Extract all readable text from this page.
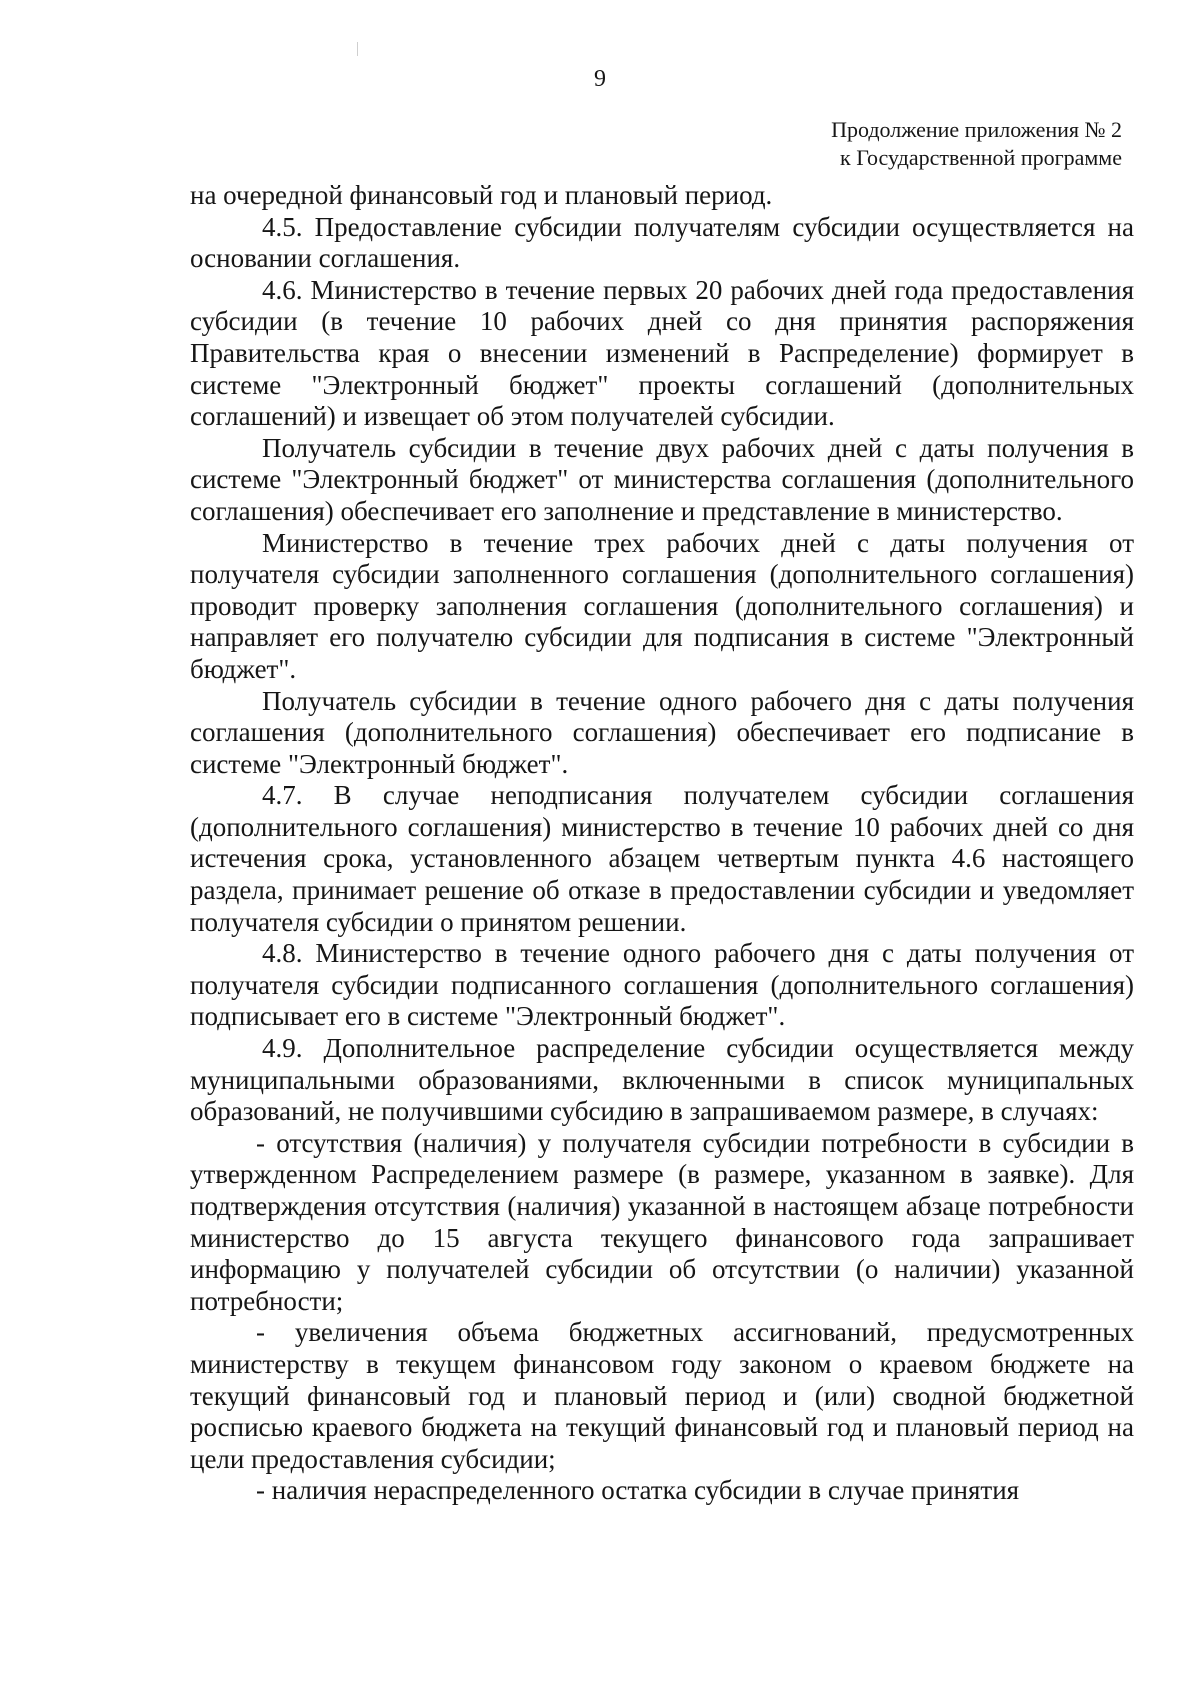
9
Продолжение приложения № 2
к Государственной программе

на очередной финансовый год и плановый период.

4.5. Предоставление субсидии получателям субсидии осуществляется на основании соглашения.

4.6. Министерство в течение первых 20 рабочих дней года предоставления субсидии (в течение 10 рабочих дней со дня принятия распоряжения Правительства края о внесении изменений в Распределение) формирует в системе "Электронный бюджет" проекты соглашений (дополнительных соглашений) и извещает об этом получателей субсидии.

Получатель субсидии в течение двух рабочих дней с даты получения в системе "Электронный бюджет" от министерства соглашения (дополнительного соглашения) обеспечивает его заполнение и представление в министерство.

Министерство в течение трех рабочих дней с даты получения от получателя субсидии заполненного соглашения (дополнительного соглашения) проводит проверку заполнения соглашения (дополнительного соглашения) и направляет его получателю субсидии для подписания в системе "Электронный бюджет".

Получатель субсидии в течение одного рабочего дня с даты получения соглашения (дополнительного соглашения) обеспечивает его подписание в системе "Электронный бюджет".

4.7. В случае неподписания получателем субсидии соглашения (дополнительного соглашения) министерство в течение 10 рабочих дней со дня истечения срока, установленного абзацем четвертым пункта 4.6 настоящего раздела, принимает решение об отказе в предоставлении субсидии и уведомляет получателя субсидии о принятом решении.

4.8. Министерство в течение одного рабочего дня с даты получения от получателя субсидии подписанного соглашения (дополнительного соглашения) подписывает его в системе "Электронный бюджет".

4.9. Дополнительное распределение субсидии осуществляется между муниципальными образованиями, включенными в список муниципальных образований, не получившими субсидию в запрашиваемом размере, в случаях:

- отсутствия (наличия) у получателя субсидии потребности в субсидии в утвержденном Распределением размере (в размере, указанном в заявке). Для подтверждения отсутствия (наличия) указанной в настоящем абзаце потребности министерство до 15 августа текущего финансового года запрашивает информацию у получателей субсидии об отсутствии (о наличии) указанной потребности;

- увеличения объема бюджетных ассигнований, предусмотренных министерству в текущем финансовом году законом о краевом бюджете на текущий финансовый год и плановый период и (или) сводной бюджетной росписью краевого бюджета на текущий финансовый год и плановый период на цели предоставления субсидии;

- наличия нераспределенного остатка субсидии в случае принятия
